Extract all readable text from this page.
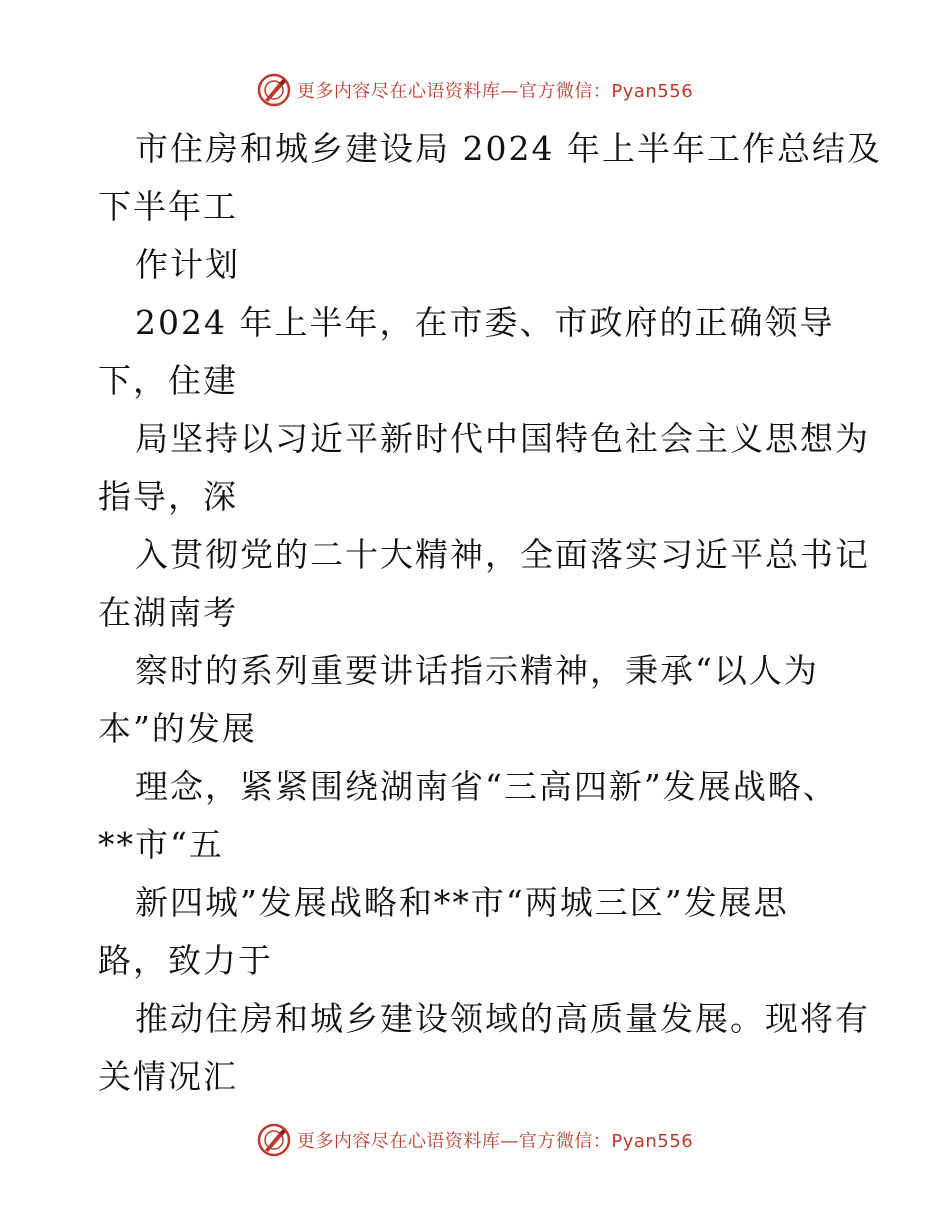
更多内容尽在心语资料库—官方微信：Pyan556
市住房和城乡建设局 2024 年上半年工作总结及
下半年工
作计划
2024 年上半年，在市委、市政府的正确领导
下，住建
局坚持以习近平新时代中国特色社会主义思想为
指导，深
入贯彻党的二十大精神，全面落实习近平总书记
在湖南考
察时的系列重要讲话指示精神，秉承“以人为
本”的发展
理念，紧紧围绕湖南省“三高四新”发展战略、
**市“五
新四城”发展战略和**市“两城三区”发展思
路，致力于
推动住房和城乡建设领域的高质量发展。现将有
关情况汇
更多内容尽在心语资料库—官方微信：Pyan556
